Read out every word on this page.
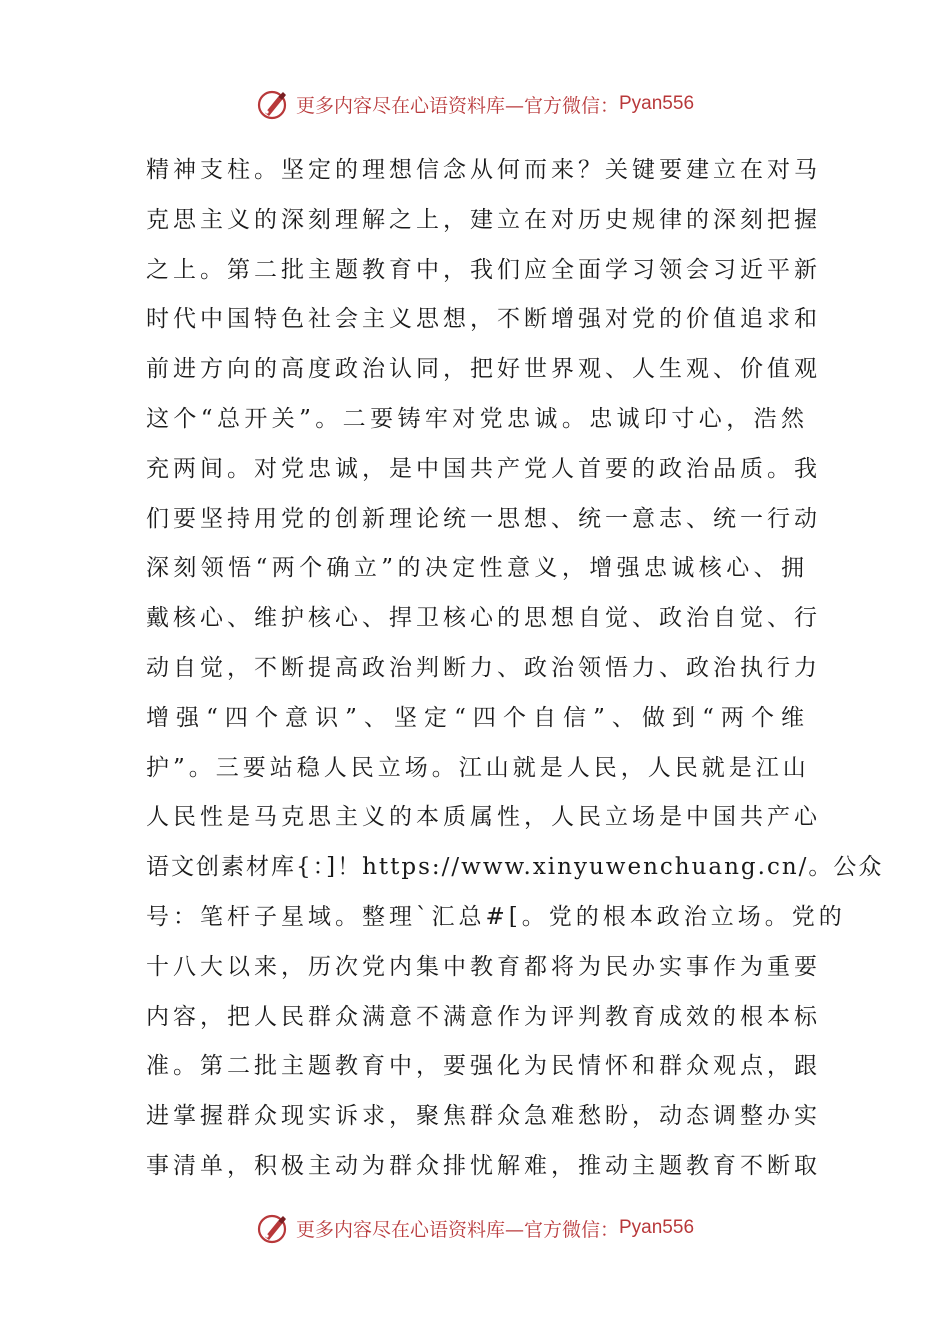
更多内容尽在心语资料库—官方微信： Pyan556
精神支柱。坚定的理想信念从何而来？关键要建立在对马
克思主义的深刻理解之上，建立在对历史规律的深刻把握
之上。第二批主题教育中，我们应全面学习领会习近平新
时代中国特色社会主义思想，不断增强对党的价值追求和
前进方向的高度政治认同，把好世界观、人生观、价值观
这个“总开关”。二要铸牢对党忠诚。忠诚印寸心，浩然
充两间。对党忠诚，是中国共产党人首要的政治品质。我
们要坚持用党的创新理论统一思想、统一意志、统一行动
深刻领悟“两个确立”的决定性意义，增强忠诚核心、拥
戴核心、维护核心、捍卫核心的思想自觉、政治自觉、行
动自觉，不断提高政治判断力、政治领悟力、政治执行力
增强“四个意识”、坚定“四个自信”、做到“两个维
护”。三要站稳人民立场。江山就是人民，人民就是江山
人民性是马克思主义的本质属性，人民立场是中国共产心
语文创素材库{：]！https://www.xinyuwenchuang.cn/。公众
号：笔杆子星域。整理`汇总#[。党的根本政治立场。党的
十八大以来，历次党内集中教育都将为民办实事作为重要
内容，把人民群众满意不满意作为评判教育成效的根本标
准。第二批主题教育中，要强化为民情怀和群众观点，跟
进掌握群众现实诉求，聚焦群众急难愁盼，动态调整办实
事清单，积极主动为群众排忧解难，推动主题教育不断取
更多内容尽在心语资料库—官方微信： Pyan556
